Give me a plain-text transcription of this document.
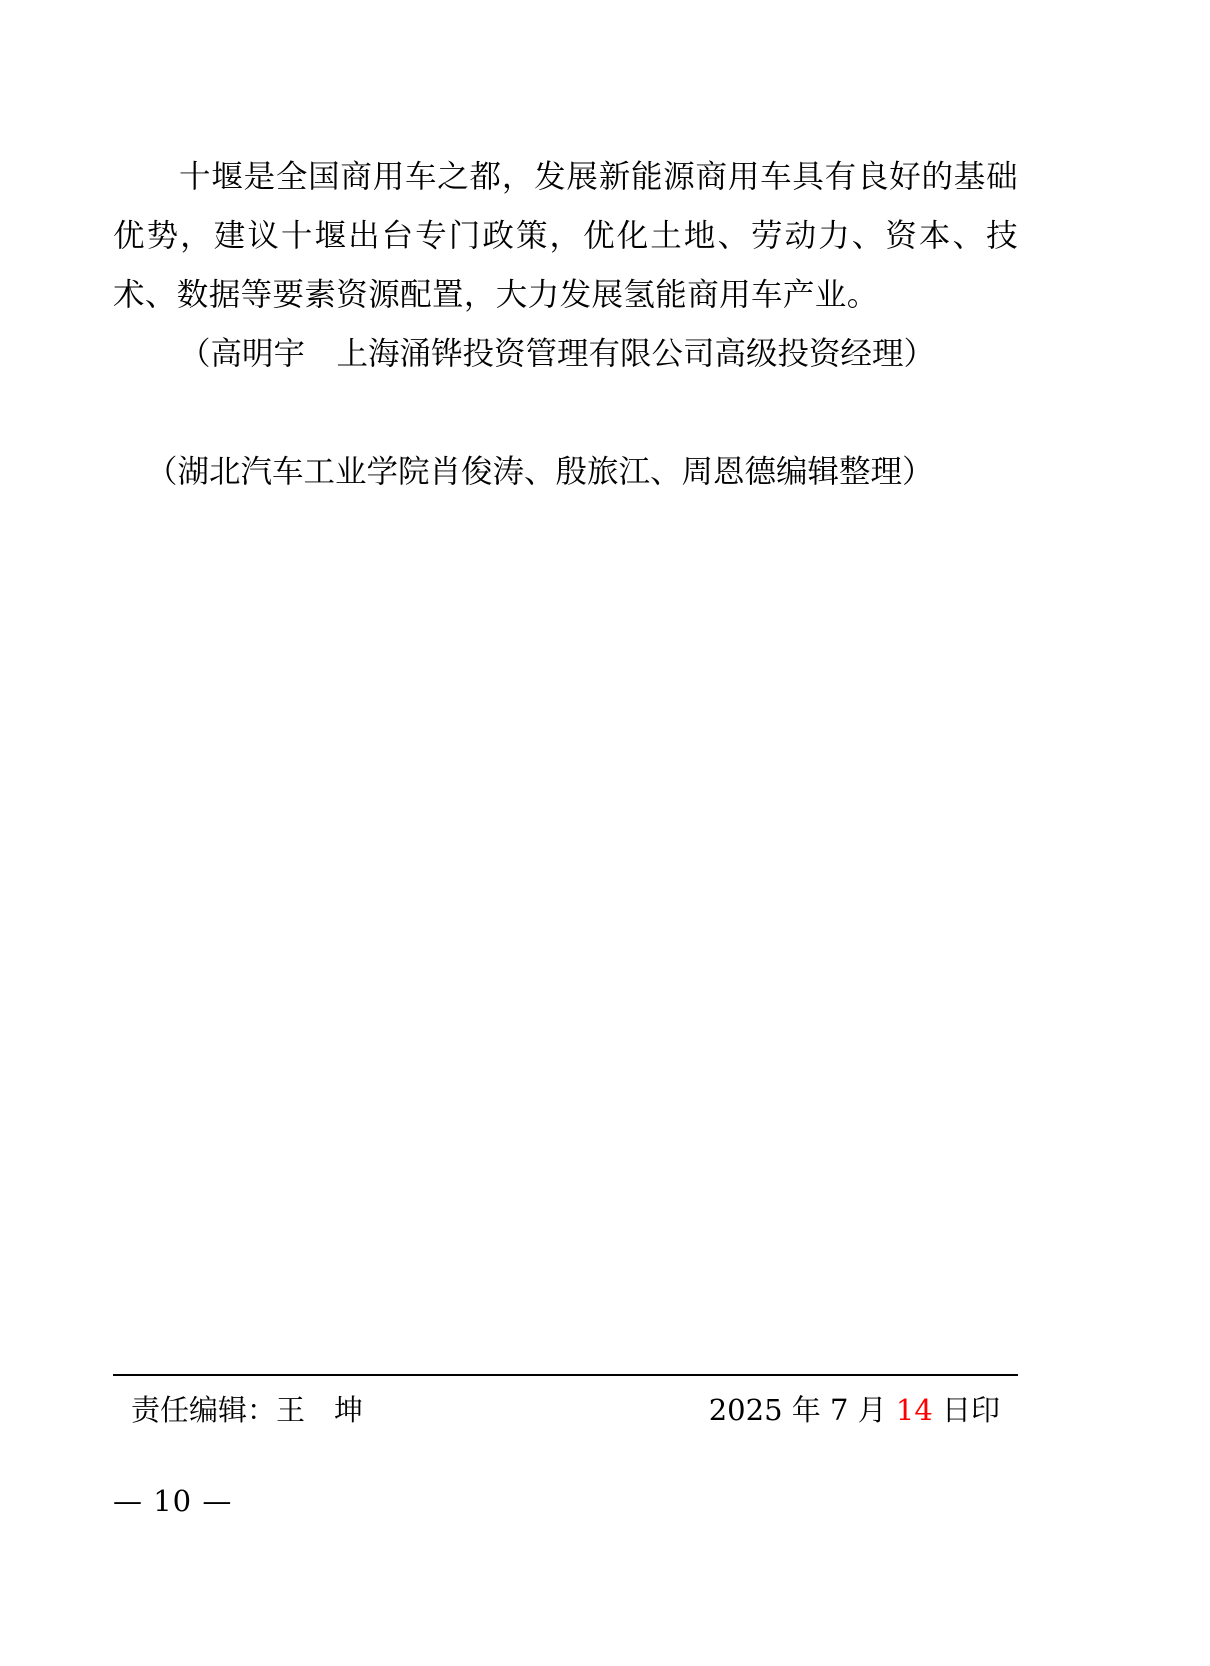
十堰是全国商用车之都，发展新能源商用车具有良好的基础优势，建议十堰出台专门政策，优化土地、劳动力、资本、技术、数据等要素资源配置，大力发展氢能商用车产业。

（高明宇　上海涌铧投资管理有限公司高级投资经理）

（湖北汽车工业学院肖俊涛、殷旅江、周恩德编辑整理）

责任编辑：王　坤	2025 年 7 月 14 日印
— 10 —
